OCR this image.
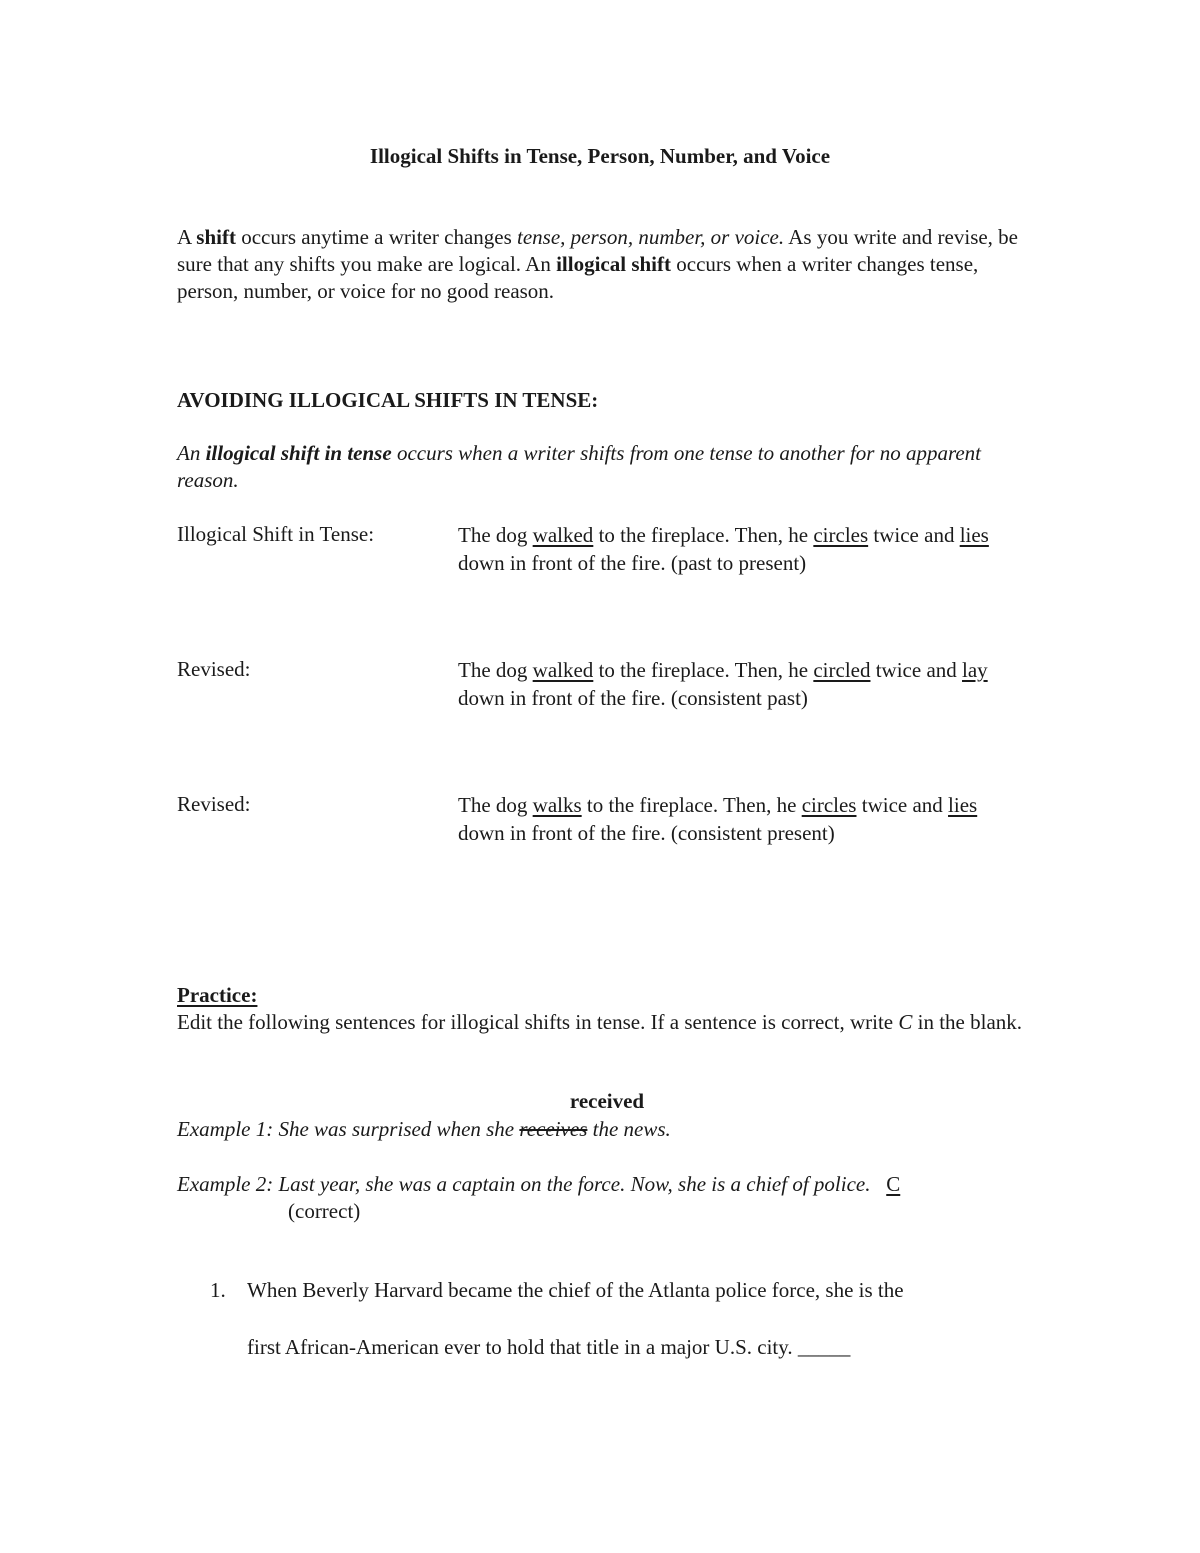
Illogical Shifts in Tense, Person, Number, and Voice

A shift occurs anytime a writer changes tense, person, number, or voice. As you write and revise, be sure that any shifts you make are logical. An illogical shift occurs when a writer changes tense, person, number, or voice for no good reason.

AVOIDING ILLOGICAL SHIFTS IN TENSE:

An illogical shift in tense occurs when a writer shifts from one tense to another for no apparent reason.

Illogical Shift in Tense:	The dog walked to the fireplace. Then, he circles twice and lies down in front of the fire. (past to present)
Revised:	The dog walked to the fireplace. Then, he circled twice and lay down in front of the fire. (consistent past)
Revised:	The dog walks to the fireplace. Then, he circles twice and lies down in front of the fire. (consistent present)

Practice:

Edit the following sentences for illogical shifts in tense. If a sentence is correct, write C in the blank.

received

Example 1: She was surprised when she receives the news.

Example 2: Last year, she was a captain on the force. Now, she is a chief of police. C

(correct)

1. When Beverly Harvard became the chief of the Atlanta police force, she is the
first African-American ever to hold that title in a major U.S. city. _____
